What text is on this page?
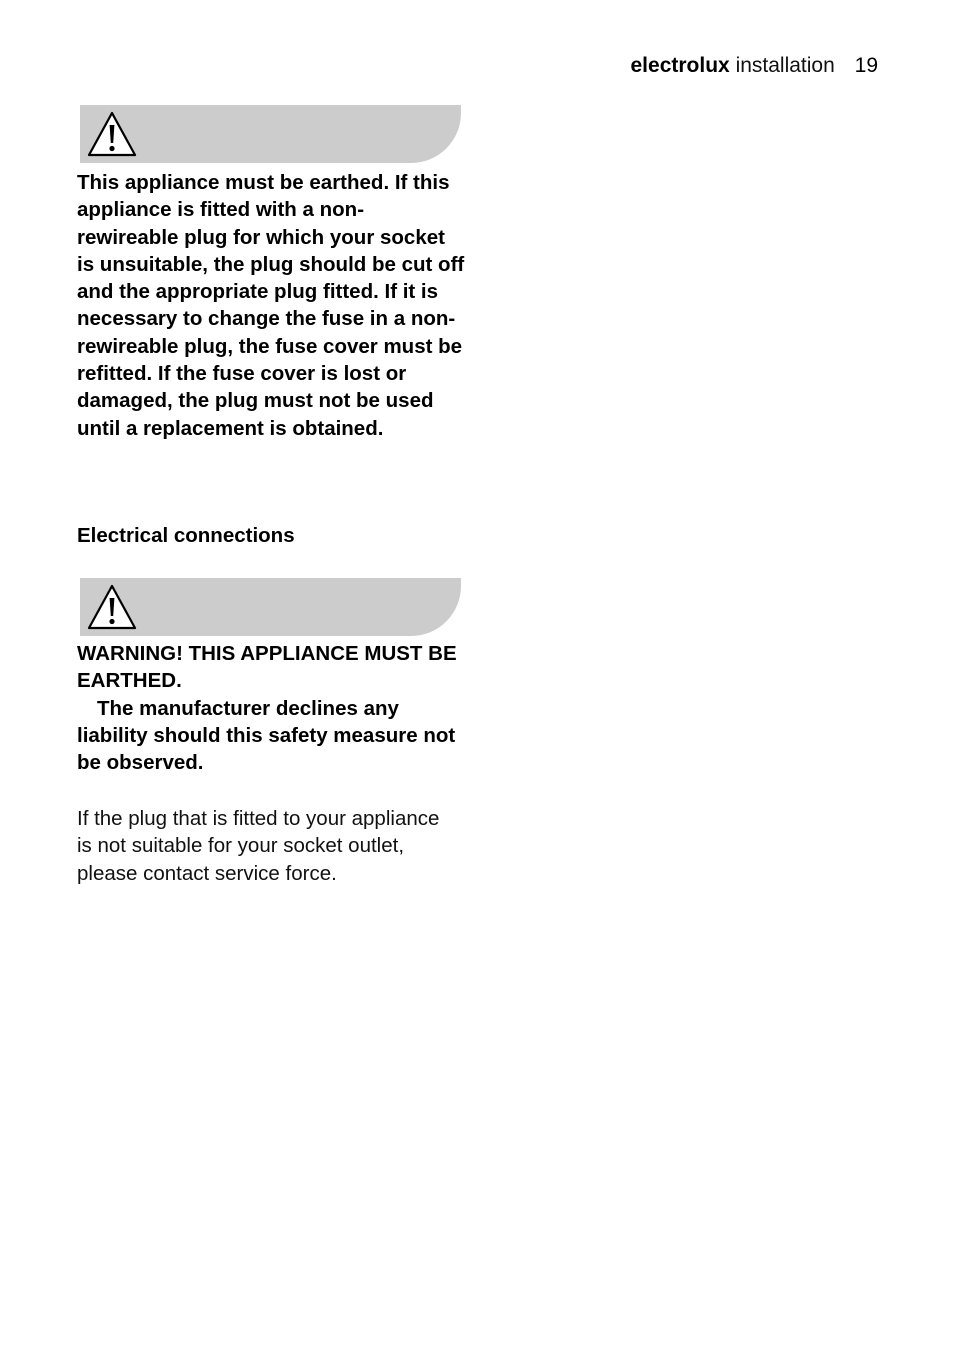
electrolux installation 19

This appliance must be earthed. If this appliance is fitted with a non-rewireable plug for which your socket is unsuitable, the plug should be cut off and the appropriate plug fitted. If it is necessary to change the fuse in a non-rewireable plug, the fuse cover must be refitted. If the fuse cover is lost or damaged, the plug must not be used until a replacement is obtained.

Electrical connections

WARNING! THIS APPLIANCE MUST BE EARTHED.

The manufacturer declines any liability should this safety measure not be observed.

If the plug that is fitted to your appliance is not suitable for your socket outlet, please contact service force.
